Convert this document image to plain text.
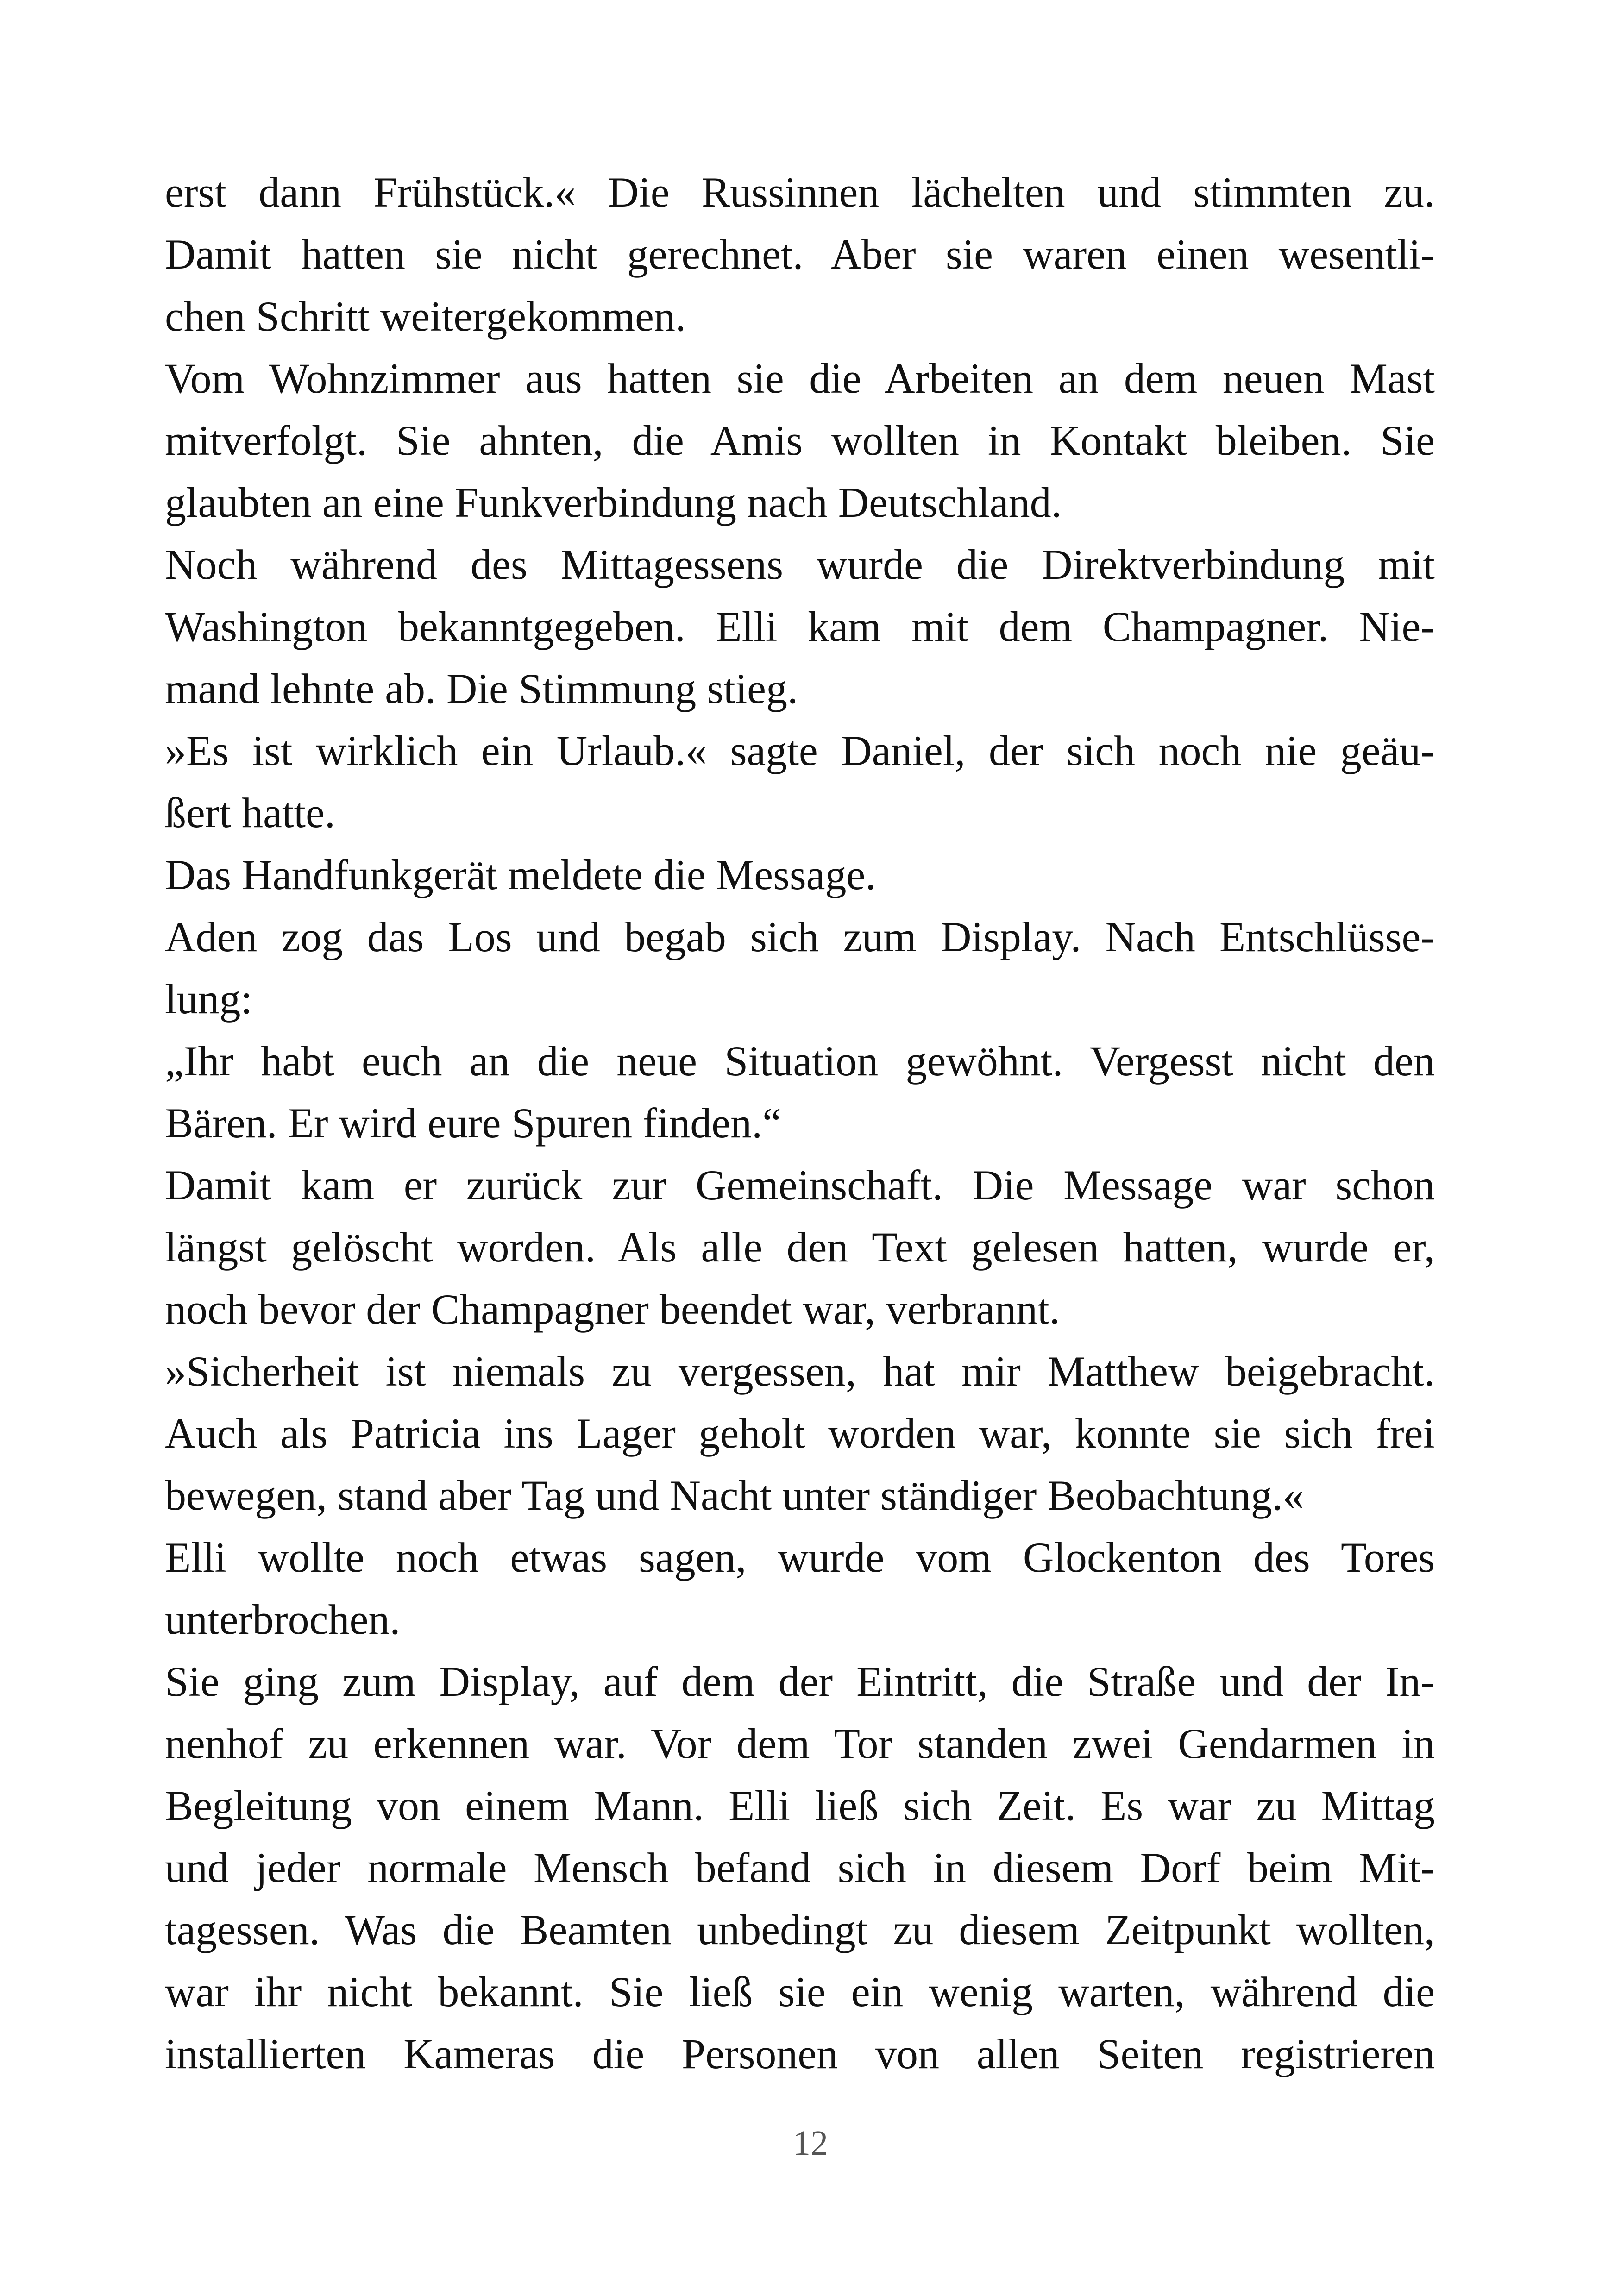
erst dann Frühstück.« Die Russinnen lächelten und stimmten zu.
Damit hatten sie nicht gerechnet. Aber sie waren einen wesentli-
chen Schritt weitergekommen.
Vom Wohnzimmer aus hatten sie die Arbeiten an dem neuen Mast
mitverfolgt. Sie ahnten, die Amis wollten in Kontakt bleiben. Sie
glaubten an eine Funkverbindung nach Deutschland.
Noch während des Mittagessens wurde die Direktverbindung mit
Washington bekanntgegeben. Elli kam mit dem Champagner. Nie-
mand lehnte ab. Die Stimmung stieg.
»Es ist wirklich ein Urlaub.« sagte Daniel, der sich noch nie geäu-
ßert hatte.
Das Handfunkgerät meldete die Message.
Aden zog das Los und begab sich zum Display. Nach Entschlüsse-
lung:
„Ihr habt euch an die neue Situation gewöhnt. Vergesst nicht den
Bären. Er wird eure Spuren finden.“
Damit kam er zurück zur Gemeinschaft. Die Message war schon
längst gelöscht worden. Als alle den Text gelesen hatten, wurde er,
noch bevor der Champagner beendet war, verbrannt.
»Sicherheit ist niemals zu vergessen, hat mir Matthew beigebracht.
Auch als Patricia ins Lager geholt worden war, konnte sie sich frei
bewegen, stand aber Tag und Nacht unter ständiger Beobachtung.«
Elli wollte noch etwas sagen, wurde vom Glockenton des Tores
unterbrochen.
Sie ging zum Display, auf dem der Eintritt, die Straße und der In-
nenhof zu erkennen war. Vor dem Tor standen zwei Gendarmen in
Begleitung von einem Mann. Elli ließ sich Zeit. Es war zu Mittag
und jeder normale Mensch befand sich in diesem Dorf beim Mit-
tagessen. Was die Beamten unbedingt zu diesem Zeitpunkt wollten,
war ihr nicht bekannt. Sie ließ sie ein wenig warten, während die
installierten Kameras die Personen von allen Seiten registrieren
12
